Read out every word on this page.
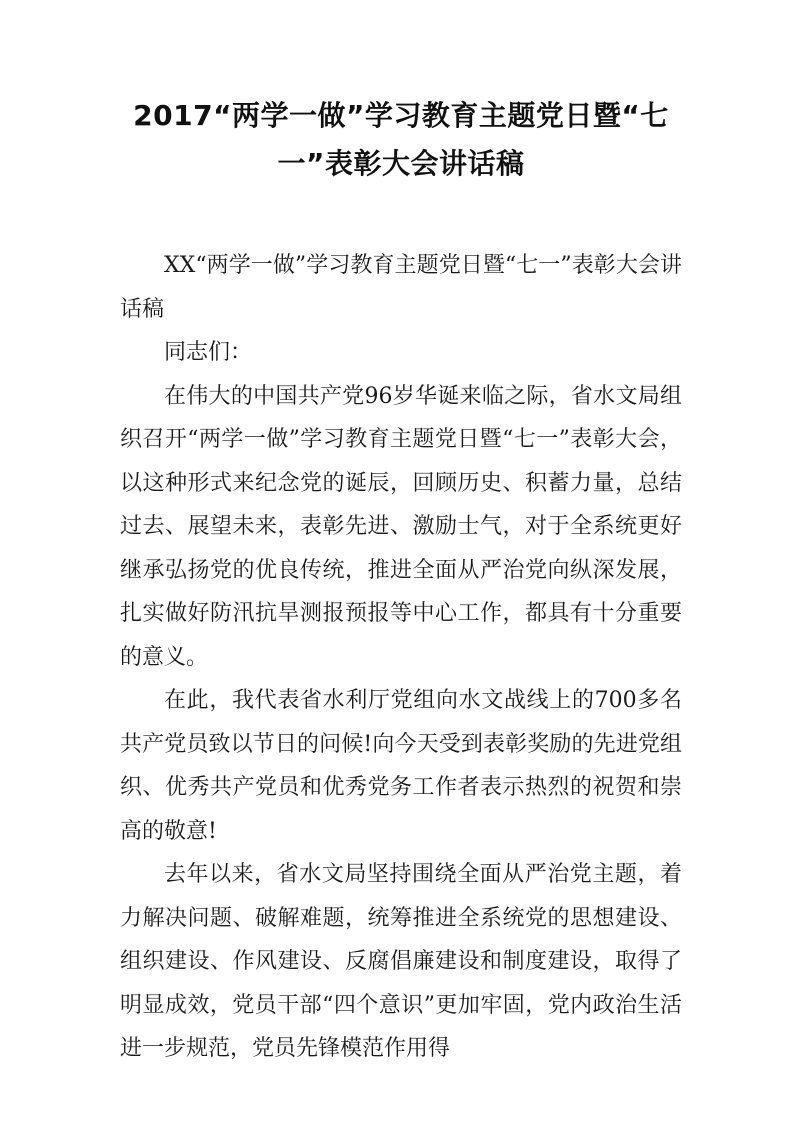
2017“两学一做”学习教育主题党日暨“七
一”表彰大会讲话稿

XX“两学一做”学习教育主题党日暨“七一”表彰大会讲话稿

同志们：

在伟大的中国共产党96岁华诞来临之际，省水文局组织召开“两学一做”学习教育主题党日暨“七一”表彰大会，以这种形式来纪念党的诞辰，回顾历史、积蓄力量，总结过去、展望未来，表彰先进、激励士气，对于全系统更好继承弘扬党的优良传统，推进全面从严治党向纵深发展，扎实做好防汛抗旱测报预报等中心工作，都具有十分重要的意义。

在此，我代表省水利厅党组向水文战线上的700多名共产党员致以节日的问候!向今天受到表彰奖励的先进党组织、优秀共产党员和优秀党务工作者表示热烈的祝贺和崇高的敬意!

去年以来，省水文局坚持围绕全面从严治党主题，着力解决问题、破解难题，统筹推进全系统党的思想建设、组织建设、作风建设、反腐倡廉建设和制度建设，取得了明显成效，党员干部“四个意识”更加牢固，党内政治生活进一步规范，党员先锋模范作用得
